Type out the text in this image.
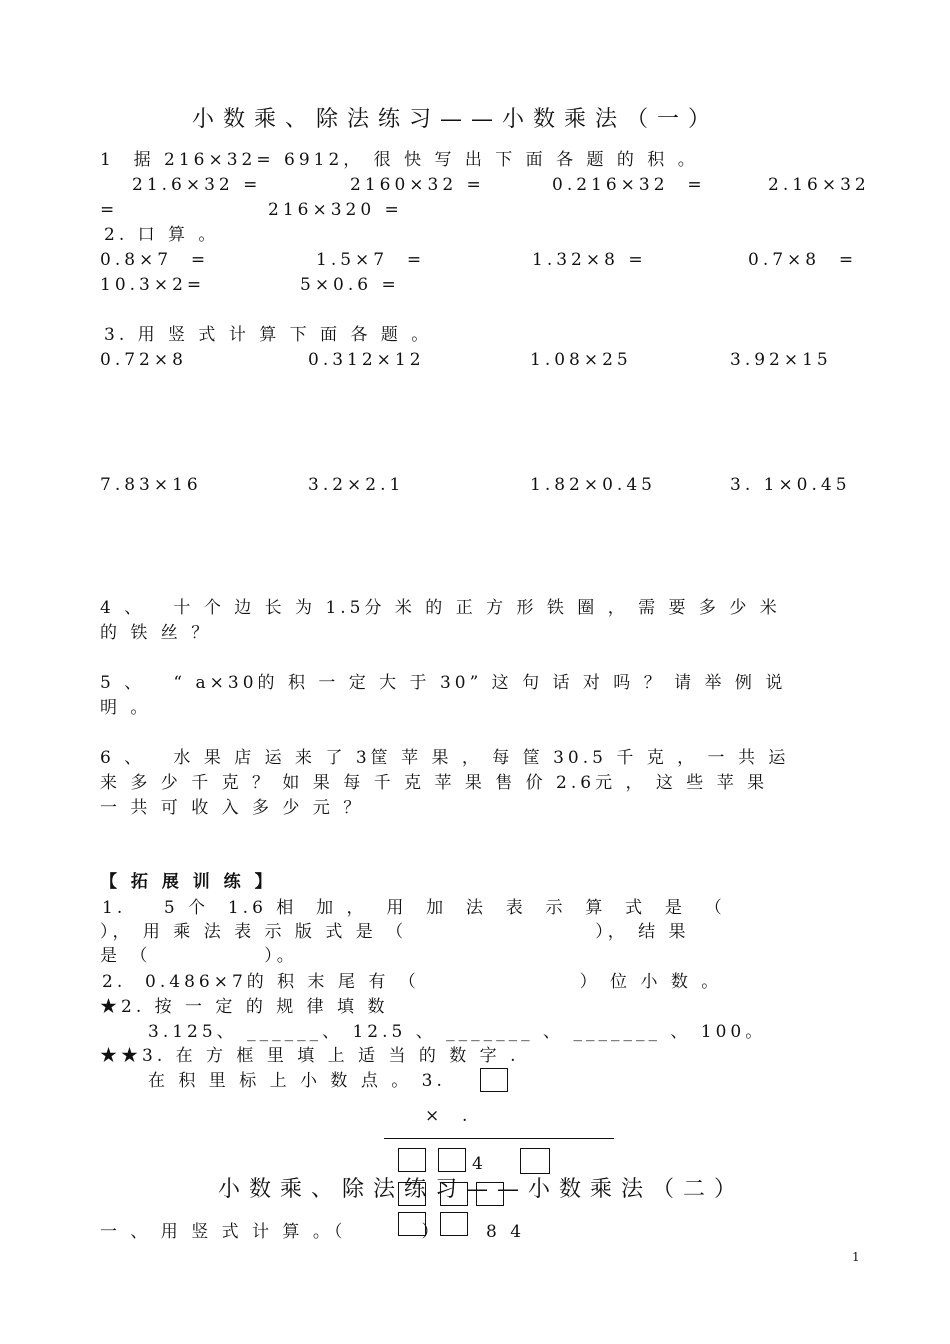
小数乘、除法练习——小数乘法（一）
1  据 216×32= 6912， 很 快 写 出 下 面 各 题 的 积 。
21.6×32 =	2160×32 =	0.216×32  =	2.16×32
=	216×320 =
2. 口 算 。
0.8×7  =	1.5×7  =	1.32×8 =	0.7×8  =
10.3×2=	5×0.6 =
3. 用 竖 式 计 算 下 面 各 题 。
0.72×8	0.312×12	1.08×25	3.92×15
7.83×16	3.2×2.1	1.82×0.45	3. 1×0.45
4 、   十 个 边 长 为 1.5分 米 的 正 方 形 铁 圈 ， 需 要 多 少 米
的 铁 丝 ？
5 、   “ a×30的 积 一 定 大 于 30” 这 句 话 对 吗 ？ 请 举 例 说
明 。
6 、   水 果 店 运 来 了 3筐 苹 果 ， 每 筐 30.5 千 克 ， 一 共 运
来 多 少 千 克 ？ 如 果 每 千 克 苹 果 售 价 2.6元 ， 这 些 苹 果
一 共 可 收 入 多 少 元 ？
【 拓 展 训 练 】
1.    5 个  1.6 相  加 ，  用  加  法  表  示  算  式  是  （
）， 用 乘 法 表 示 版 式 是 （                    ）， 结 果
是 （            ）。
2.  0.486×7的 积 末 尾 有 （                 ） 位 小 数 。
★2. 按 一 定 的 规 律 填 数
3.125、 ______、 12.5 、 _______ 、 _______ 、 100。
★★3. 在 方 框 里 填 上 适 当 的 数 字 .
在 积 里 标 上 小 数 点 。 3.
×  .
4
小数乘、除法练习——小数乘法（二）
一 、 用 竖 式 计 算 。（        ）	8 4
1
